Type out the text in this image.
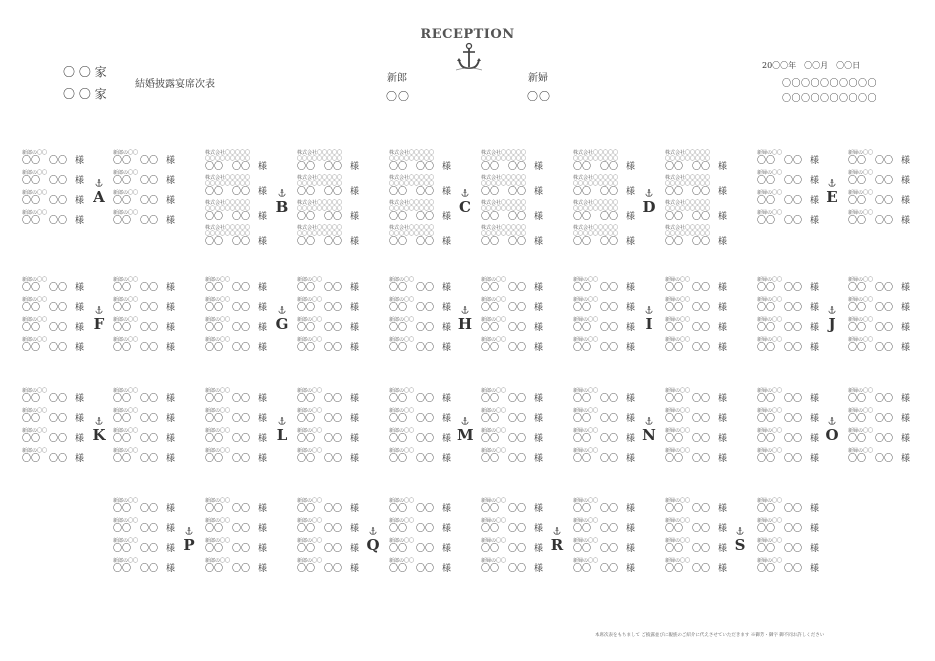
RECEPTION
〇 〇 家
〇 〇 家
結婚披露宴席次表
新郎
〇〇
新婦
〇〇
20〇〇年　〇〇月　〇〇日
〇〇〇〇〇〇〇〇〇〇
〇〇〇〇〇〇〇〇〇〇
新郎の〇〇
〇〇　〇〇 様
新郎の〇〇
〇〇　〇〇 様
新郎の〇〇
〇〇　〇〇 様
新郎の〇〇
〇〇　〇〇 様
新郎の〇〇
〇〇　〇〇 様
新郎の〇〇
〇〇　〇〇 様
新郎の〇〇
〇〇　〇〇 様
新郎の〇〇
〇〇　〇〇 様
A
株式会社〇〇〇〇〇
〇〇〇〇〇〇〇〇〇
〇〇　〇〇 様
株式会社〇〇〇〇〇
〇〇〇〇〇〇〇〇〇
〇〇　〇〇 様
株式会社〇〇〇〇〇
〇〇〇〇〇〇〇〇〇
〇〇　〇〇 様
株式会社〇〇〇〇〇
〇〇〇〇〇〇〇〇〇
〇〇　〇〇 様
株式会社〇〇〇〇〇
〇〇〇〇〇〇〇〇〇
〇〇　〇〇 様
株式会社〇〇〇〇〇
〇〇〇〇〇〇〇〇〇
〇〇　〇〇 様
株式会社〇〇〇〇〇
〇〇〇〇〇〇〇〇〇
〇〇　〇〇 様
株式会社〇〇〇〇〇
〇〇〇〇〇〇〇〇〇
〇〇　〇〇 様
B
株式会社〇〇〇〇〇
〇〇〇〇〇〇〇〇〇
〇〇　〇〇 様
株式会社〇〇〇〇〇
〇〇〇〇〇〇〇〇〇
〇〇　〇〇 様
株式会社〇〇〇〇〇
〇〇〇〇〇〇〇〇〇
〇〇　〇〇 様
株式会社〇〇〇〇〇
〇〇〇〇〇〇〇〇〇
〇〇　〇〇 様
株式会社〇〇〇〇〇
〇〇〇〇〇〇〇〇〇
〇〇　〇〇 様
株式会社〇〇〇〇〇
〇〇〇〇〇〇〇〇〇
〇〇　〇〇 様
株式会社〇〇〇〇〇
〇〇〇〇〇〇〇〇〇
〇〇　〇〇 様
株式会社〇〇〇〇〇
〇〇〇〇〇〇〇〇〇
〇〇　〇〇 様
C
株式会社〇〇〇〇〇
〇〇〇〇〇〇〇〇〇
〇〇　〇〇 様
株式会社〇〇〇〇〇
〇〇〇〇〇〇〇〇〇
〇〇　〇〇 様
株式会社〇〇〇〇〇
〇〇〇〇〇〇〇〇〇
〇〇　〇〇 様
株式会社〇〇〇〇〇
〇〇〇〇〇〇〇〇〇
〇〇　〇〇 様
株式会社〇〇〇〇〇
〇〇〇〇〇〇〇〇〇
〇〇　〇〇 様
株式会社〇〇〇〇〇
〇〇〇〇〇〇〇〇〇
〇〇　〇〇 様
株式会社〇〇〇〇〇
〇〇〇〇〇〇〇〇〇
〇〇　〇〇 様
株式会社〇〇〇〇〇
〇〇〇〇〇〇〇〇〇
〇〇　〇〇 様
D
新婦の〇〇
〇〇　〇〇 様
新婦の〇〇
〇〇　〇〇 様
新婦の〇〇
〇〇　〇〇 様
新婦の〇〇
〇〇　〇〇 様
新婦の〇〇
〇〇　〇〇 様
新婦の〇〇
〇〇　〇〇 様
新婦の〇〇
〇〇　〇〇 様
新婦の〇〇
〇〇　〇〇 様
E
新郎の〇〇
〇〇　〇〇 様
新郎の〇〇
〇〇　〇〇 様
新郎の〇〇
〇〇　〇〇 様
新郎の〇〇
〇〇　〇〇 様
新郎の〇〇
〇〇　〇〇 様
新郎の〇〇
〇〇　〇〇 様
新郎の〇〇
〇〇　〇〇 様
新郎の〇〇
〇〇　〇〇 様
F
新郎の〇〇
〇〇　〇〇 様
新郎の〇〇
〇〇　〇〇 様
新郎の〇〇
〇〇　〇〇 様
新郎の〇〇
〇〇　〇〇 様
新郎の〇〇
〇〇　〇〇 様
新郎の〇〇
〇〇　〇〇 様
新郎の〇〇
〇〇　〇〇 様
新郎の〇〇
〇〇　〇〇 様
G
新郎の〇〇
〇〇　〇〇 様
新郎の〇〇
〇〇　〇〇 様
新郎の〇〇
〇〇　〇〇 様
新郎の〇〇
〇〇　〇〇 様
新郎の〇〇
〇〇　〇〇 様
新郎の〇〇
〇〇　〇〇 様
新郎の〇〇
〇〇　〇〇 様
新郎の〇〇
〇〇　〇〇 様
H
新婦の〇〇
〇〇　〇〇 様
新婦の〇〇
〇〇　〇〇 様
新婦の〇〇
〇〇　〇〇 様
新婦の〇〇
〇〇　〇〇 様
新婦の〇〇
〇〇　〇〇 様
新婦の〇〇
〇〇　〇〇 様
新婦の〇〇
〇〇　〇〇 様
新婦の〇〇
〇〇　〇〇 様
I
新婦の〇〇
〇〇　〇〇 様
新婦の〇〇
〇〇　〇〇 様
新婦の〇〇
〇〇　〇〇 様
新婦の〇〇
〇〇　〇〇 様
新婦の〇〇
〇〇　〇〇 様
新婦の〇〇
〇〇　〇〇 様
新婦の〇〇
〇〇　〇〇 様
新婦の〇〇
〇〇　〇〇 様
J
新郎の〇〇
〇〇　〇〇 様
新郎の〇〇
〇〇　〇〇 様
新郎の〇〇
〇〇　〇〇 様
新郎の〇〇
〇〇　〇〇 様
新郎の〇〇
〇〇　〇〇 様
新郎の〇〇
〇〇　〇〇 様
新郎の〇〇
〇〇　〇〇 様
新郎の〇〇
〇〇　〇〇 様
K
新郎の〇〇
〇〇　〇〇 様
新郎の〇〇
〇〇　〇〇 様
新郎の〇〇
〇〇　〇〇 様
新郎の〇〇
〇〇　〇〇 様
新郎の〇〇
〇〇　〇〇 様
新郎の〇〇
〇〇　〇〇 様
新郎の〇〇
〇〇　〇〇 様
新郎の〇〇
〇〇　〇〇 様
L
新郎の〇〇
〇〇　〇〇 様
新郎の〇〇
〇〇　〇〇 様
新郎の〇〇
〇〇　〇〇 様
新郎の〇〇
〇〇　〇〇 様
新郎の〇〇
〇〇　〇〇 様
新郎の〇〇
〇〇　〇〇 様
新郎の〇〇
〇〇　〇〇 様
新郎の〇〇
〇〇　〇〇 様
M
新婦の〇〇
〇〇　〇〇 様
新婦の〇〇
〇〇　〇〇 様
新婦の〇〇
〇〇　〇〇 様
新婦の〇〇
〇〇　〇〇 様
新婦の〇〇
〇〇　〇〇 様
新婦の〇〇
〇〇　〇〇 様
新婦の〇〇
〇〇　〇〇 様
新婦の〇〇
〇〇　〇〇 様
N
新婦の〇〇
〇〇　〇〇 様
新婦の〇〇
〇〇　〇〇 様
新婦の〇〇
〇〇　〇〇 様
新婦の〇〇
〇〇　〇〇 様
新婦の〇〇
〇〇　〇〇 様
新婦の〇〇
〇〇　〇〇 様
新婦の〇〇
〇〇　〇〇 様
新婦の〇〇
〇〇　〇〇 様
O
新郎の〇〇
〇〇　〇〇 様
新郎の〇〇
〇〇　〇〇 様
新郎の〇〇
〇〇　〇〇 様
新郎の〇〇
〇〇　〇〇 様
新郎の〇〇
〇〇　〇〇 様
新郎の〇〇
〇〇　〇〇 様
新郎の〇〇
〇〇　〇〇 様
新郎の〇〇
〇〇　〇〇 様
P
新郎の〇〇
〇〇　〇〇 様
新郎の〇〇
〇〇　〇〇 様
新郎の〇〇
〇〇　〇〇 様
新郎の〇〇
〇〇　〇〇 様
新郎の〇〇
〇〇　〇〇 様
新郎の〇〇
〇〇　〇〇 様
新郎の〇〇
〇〇　〇〇 様
新郎の〇〇
〇〇　〇〇 様
Q
新婦の〇〇
〇〇　〇〇 様
新婦の〇〇
〇〇　〇〇 様
新婦の〇〇
〇〇　〇〇 様
新婦の〇〇
〇〇　〇〇 様
新婦の〇〇
〇〇　〇〇 様
新婦の〇〇
〇〇　〇〇 様
新婦の〇〇
〇〇　〇〇 様
新婦の〇〇
〇〇　〇〇 様
R
新婦の〇〇
〇〇　〇〇 様
新婦の〇〇
〇〇　〇〇 様
新婦の〇〇
〇〇　〇〇 様
新婦の〇〇
〇〇　〇〇 様
新婦の〇〇
〇〇　〇〇 様
新婦の〇〇
〇〇　〇〇 様
新婦の〇〇
〇〇　〇〇 様
新婦の〇〇
〇〇　〇〇 様
S
本席次表をもちまして ご披露並びに親族のご紹介に代えさせていただきます ※御芳・御字 御不同お許しください
